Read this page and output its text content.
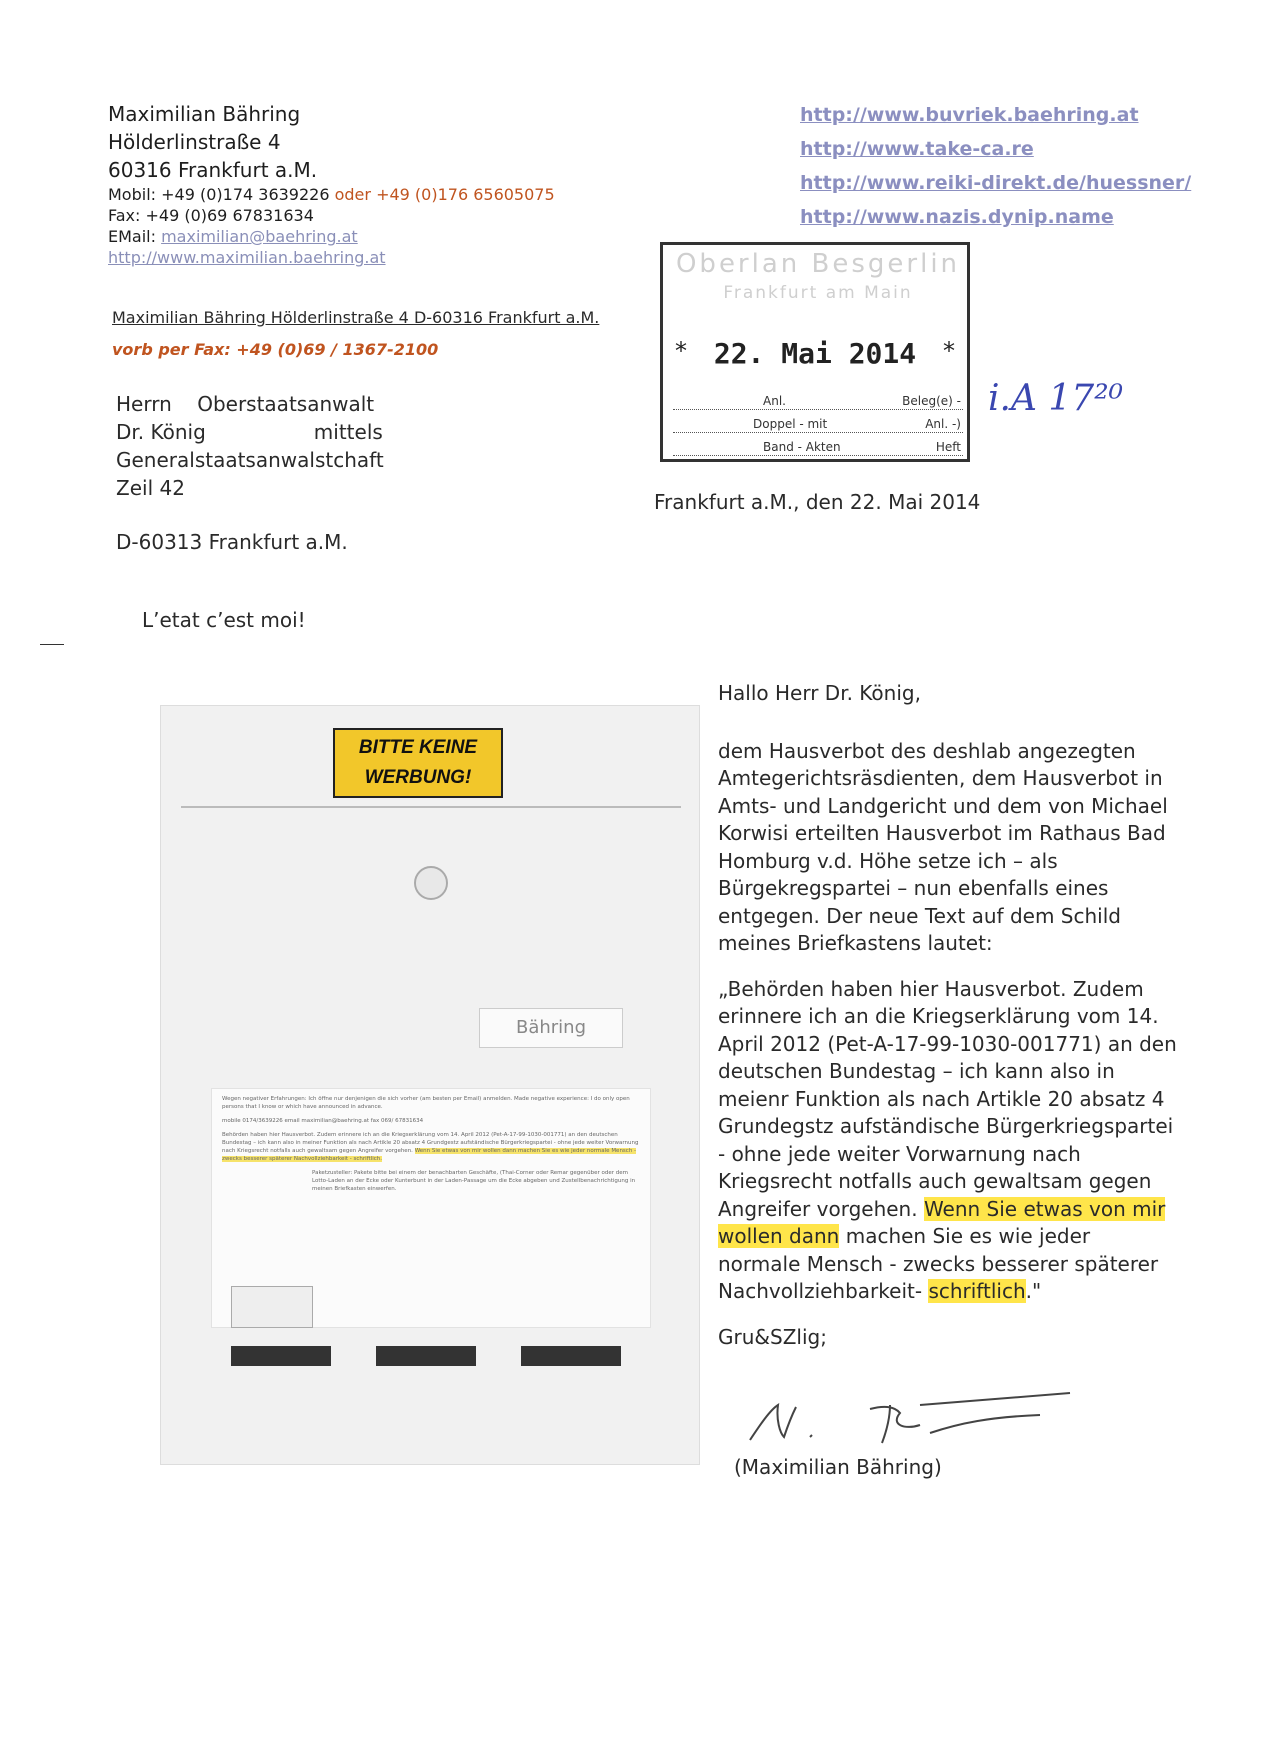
Maximilian Bähring
Hölderlinstraße 4
60316 Frankfurt a.M.
Mobil: +49 (0)174 3639226 oder +49 (0)176 65605075
Fax: +49 (0)69 67831634
EMail: maximilian@baehring.at
http://www.maximilian.baehring.at
http://www.buvriek.baehring.at
http://www.take-ca.re
http://www.reiki-direkt.de/huessner/
http://www.nazis.dynip.name
Maximilian Bähring Hölderlinstraße 4 D-60316 Frankfurt a.M.
vorb per Fax: +49 (0)69 / 1367-2100
Herrn Oberstaatsanwalt
Dr. König	mittels
Generalstaatsanwalstchaft
Zeil 42
D-60313 Frankfurt a.M.
L’etat c’est moi!
Oberlan Besgerlin
Frankfurt am Main
* 22. Mai 2014	*
Anl.	Beleg(e) -

Doppel - mit	Anl. -)

Band - Akten	Heft

i.A 17²⁰
Frankfurt a.M., den 22. Mai 2014
BITTE KEINE WERBUNG!
Bähring
Wegen negativer Erfahrungen: Ich öffne nur denjenigen die sich vorher (am besten per Email) anmelden. Made negative experience: I do only open persons that I know or which have announced in advance.
mobile 0174/3639226 email maximilian@baehring.at fax 069/ 67831634
Behörden haben hier Hausverbot. Zudem erinnere ich an die Kriegserklärung vom 14. April 2012 (Pet-A-17-99-1030-001771) an den deutschen Bundestag – ich kann also in meiner Funktion als nach Artikle 20 absatz 4 Grundgestz aufständische Bürgerkriegspartei - ohne jede weiter Vorwarnung nach Kriegsrecht notfalls auch gewaltsam gegen Angreifer vorgehen. Wenn Sie etwas von mir wollen dann machen Sie es wie jeder normale Mensch - zwecks besserer späterer Nachvollziehbarkeit - schriftlich.
Paketzusteller: Pakete bitte bei einem der benachbarten Geschäfte, (Thai-Corner oder Remar gegenüber oder dem Lotto-Laden an der Ecke oder Kunterbunt in der Laden-Passage um die Ecke abgeben und Zustellbenachrichtigung in meinen Briefkasten einwerfen.

Hallo Herr Dr. König,

dem Hausverbot des deshlab angezegten Amtegerichtsräsdienten, dem Hausverbot in Amts- und Landgericht und dem von Michael Korwisi erteilten Hausverbot im Rathaus Bad Homburg v.d. Höhe setze ich – als Bürgekregspartei – nun ebenfalls eines entgegen. Der neue Text auf dem Schild meines Briefkastens lautet:

„Behörden haben hier Hausverbot. Zudem erinnere ich an die Kriegserklärung vom 14. April 2012 (Pet-A-17-99-1030-001771) an den deutschen Bundestag – ich kann also in meienr Funktion als nach Artikle 20 absatz 4 Grundegstz aufständische Bürgerkriegspartei - ohne jede weiter Vorwarnung nach Kriegsrecht notfalls auch gewaltsam gegen Angreifer vorgehen. Wenn Sie etwas von mir wollen dann machen Sie es wie jeder normale Mensch - zwecks besserer späterer Nachvollziehbarkeit- schriftlich."

Gru&SZlig;

(Maximilian Bähring)
